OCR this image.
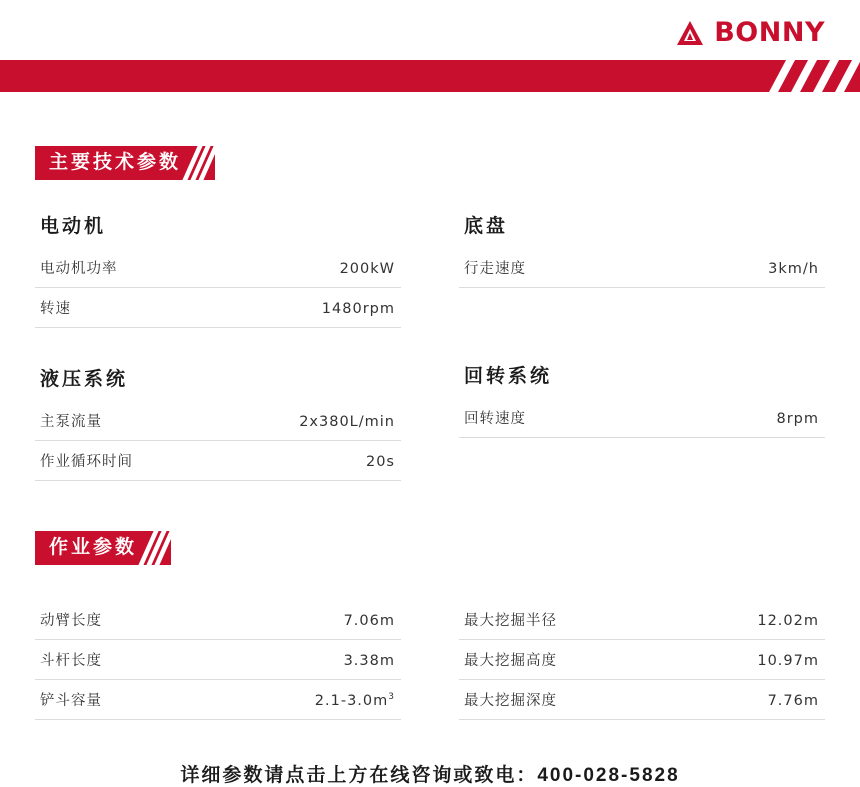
BONNY
主要技术参数
电动机
电动机功率	200kW
转速	1480rpm
液压系统
主泵流量	2x380L/min
作业循环时间	20s
底盘
行走速度	3km/h
回转系统
回转速度	8rpm
作业参数
动臂长度	7.06m
斗杆长度	3.38m
铲斗容量	$2.1-3.0m^3$
最大挖掘半径	12.02m
最大挖掘高度	10.97m
最大挖掘深度	7.76m
详细参数请点击上方在线咨询或致电：400-028-5828
